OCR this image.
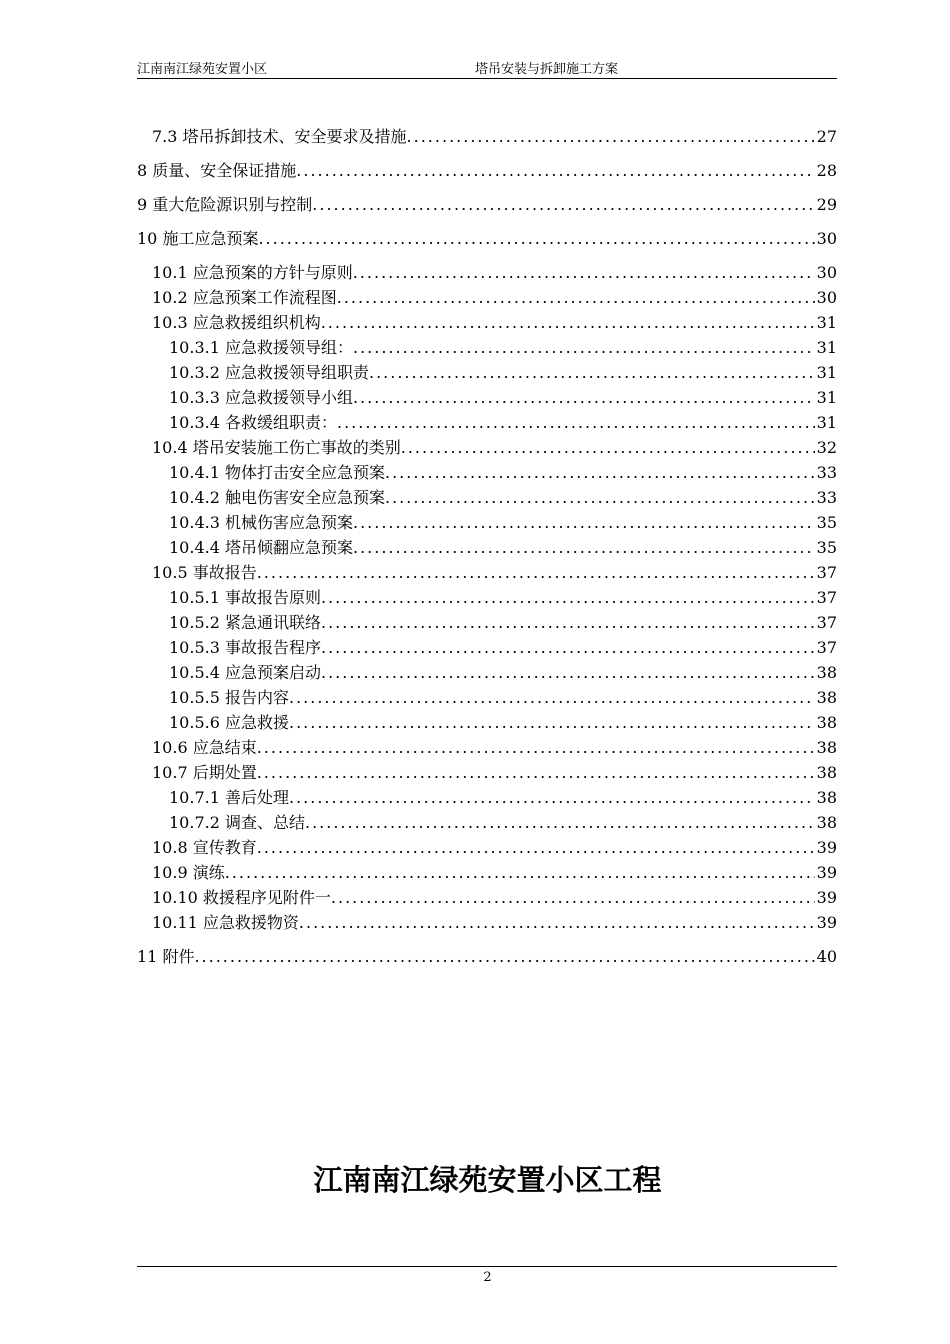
江南南江绿苑安置小区	塔吊安装与拆卸施工方案
7.3 塔吊拆卸技术、安全要求及措施 .....	27
8 质量、安全保证措施 .....	28
9 重大危险源识别与控制 .....	29
10 施工应急预案 .....	30
10.1 应急预案的方针与原则 .....	30
10.2 应急预案工作流程图 .....	30
10.3 应急救援组织机构 .....	31
10.3.1 应急救援领导组： .....	31
10.3.2 应急救援领导组职责 .....	31
10.3.3 应急救援领导小组 .....	31
10.3.4 各救缓组职责： .....	31
10.4 塔吊安装施工伤亡事故的类别 .....	32
10.4.1 物体打击安全应急预案 .....	33
10.4.2 触电伤害安全应急预案 .....	33
10.4.3 机械伤害应急预案 .....	35
10.4.4 塔吊倾翻应急预案 .....	35
10.5 事故报告 .....	37
10.5.1 事故报告原则 .....	37
10.5.2 紧急通讯联络 .....	37
10.5.3 事故报告程序 .....	37
10.5.4 应急预案启动 .....	38
10.5.5 报告内容 .....	38
10.5.6 应急救援 .....	38
10.6 应急结束 .....	38
10.7 后期处置 .....	38
10.7.1 善后处理 .....	38
10.7.2 调查、总结 .....	38
10.8 宣传教育 .....	39
10.9 演练 .....	39
10.10 救援程序见附件一 .....	39
10.11 应急救援物资 .....	39
11 附件 .....	40
江南南江绿苑安置小区工程
2
